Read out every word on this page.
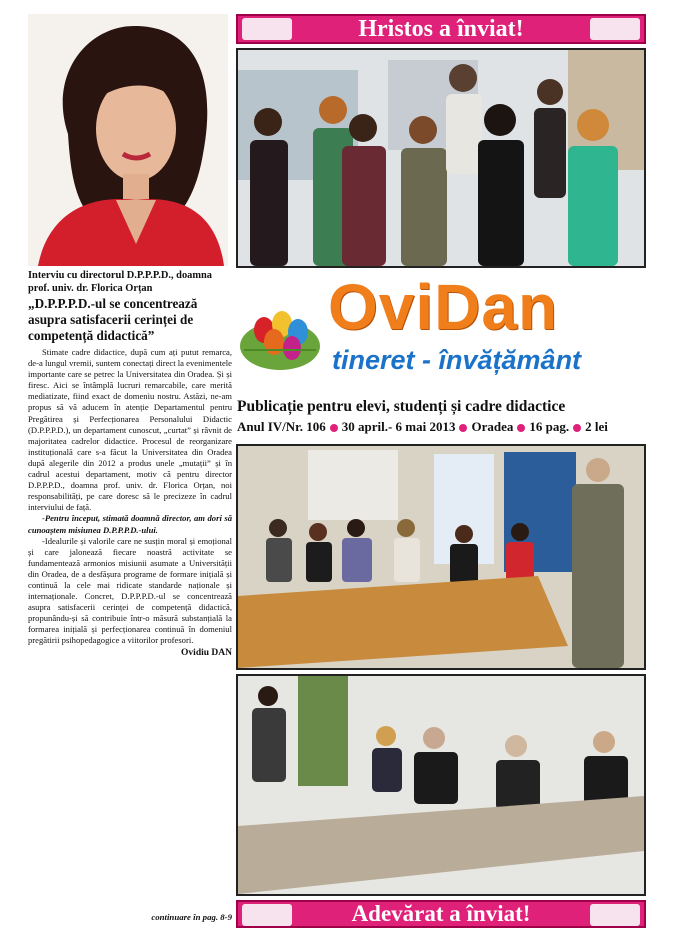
Hristos a înviat!
OviDan
tineret - învățământ
Publicație pentru elevi, studenți și cadre didactice
Anul IV/Nr. 106 30 april.- 6 mai 2013 Oradea 16 pag. 2 lei
Interviu cu directorul D.P.P.P.D., doamna prof. univ. dr. Florica Orțan
„D.P.P.P.D.-ul se concentrează asupra satisfacerii cerinței de competență didactică”

Stimate cadre didactice, după cum ați putut remarca, de-a lungul vremii, suntem conectați direct la evenimentele importante care se petrec la Universitatea din Oradea. Și și firesc. Aici se întâmplă lucruri remarcabile, care merită mediatizate, fiind exact de domeniu nostru. Astăzi, ne-am propus să vă aducem în atenție Departamentul pentru Pregătirea și Perfecționarea Personalului Didactic (D.P.P.P.D.), un departament cunoscut, „curtat” și râvnit de majoritatea cadrelor didactice. Procesul de reorganizare instituțională care s-a făcut la Universitatea din Oradea după alegerile din 2012 a produs unele „mutații” și în cadrul acestui departament, motiv că pentru director D.P.P.P.D., doamna prof. univ. dr. Florica Orțan, noi responsabilități, pe care doresc să le precizeze în cadrul interviului de față.

-Pentru început, stimată doamnă director, am dori să cunoaștem misiunea D.P.P.P.D.-ului.

-Idealurile și valorile care ne susțin moral și emoțional și care jalonează fiecare noastră activitate se fundamentează armonios misiunii asumate a Universității din Oradea, de a desfășura programe de formare inițială și continuă la cele mai ridicate standarde naționale și internaționale. Concret, D.P.P.P.D.-ul se concentrează asupra satisfacerii cerinței de competență didactică, propunându-și să contribuie într-o măsură substanțială la formarea inițială și perfecționarea continuă în domeniul pregătirii psihopedagogice a viitorilor profesori.

Ovidiu DAN
continuare în pag. 8-9	Adevărat a înviat!
